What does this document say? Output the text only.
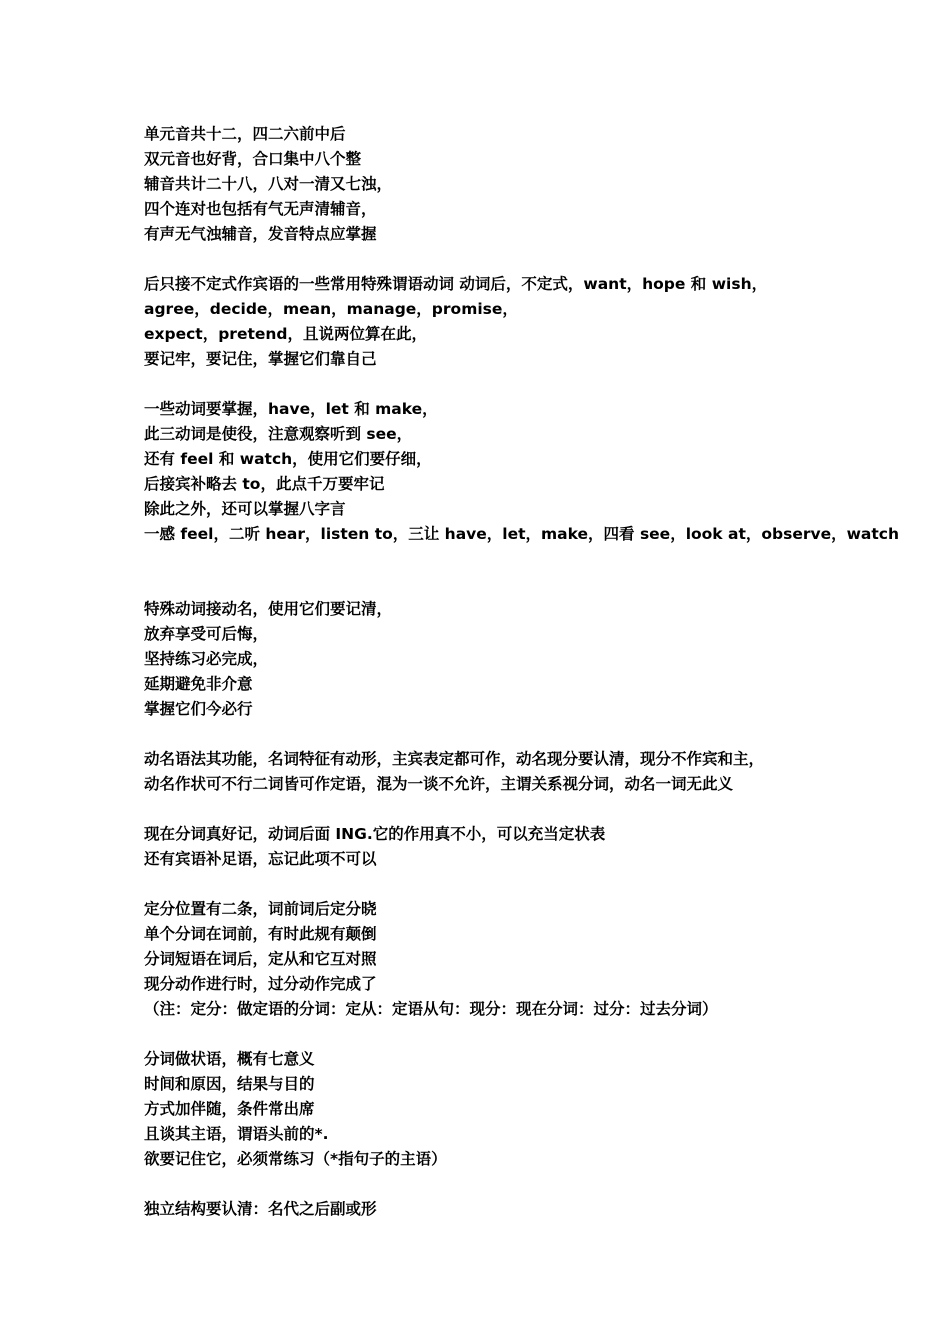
单元音共十二，四二六前中后
双元音也好背，合口集中八个整
辅音共计二十八，八对一清又七浊，
四个连对也包括有气无声清辅音，
有声无气浊辅音，发音特点应掌握
后只接不定式作宾语的一些常用特殊谓语动词 动词后，不定式，want，hope 和 wish，
agree，decide，mean，manage，promise，
expect，pretend，且说两位算在此，
要记牢，要记住，掌握它们靠自己
一些动词要掌握，have，let 和 make，
此三动词是使役，注意观察听到 see，
还有 feel 和 watch，使用它们要仔细，
后接宾补略去 to，此点千万要牢记
除此之外，还可以掌握八字言
一感 feel，二听 hear，listen to，三让 have，let，make，四看 see，look at，observe，watch
特殊动词接动名，使用它们要记清，
放弃享受可后悔，
坚持练习必完成，
延期避免非介意
掌握它们今必行
动名语法其功能，名词特征有动形，主宾表定都可作，动名现分要认清，现分不作宾和主，
动名作状可不行二词皆可作定语，混为一谈不允许，主谓关系视分词，动名一词无此义
现在分词真好记，动词后面 ING.它的作用真不小，可以充当定状表
还有宾语补足语，忘记此项不可以
定分位置有二条，词前词后定分晓
单个分词在词前，有时此规有颠倒
分词短语在词后，定从和它互对照
现分动作进行时，过分动作完成了
（注：定分：做定语的分词：定从：定语从句：现分：现在分词：过分：过去分词）
分词做状语，概有七意义
时间和原因，结果与目的
方式加伴随，条件常出席
且谈其主语，谓语头前的*.
欲要记住它，必须常练习（*指句子的主语）
独立结构要认清：名代之后副或形
